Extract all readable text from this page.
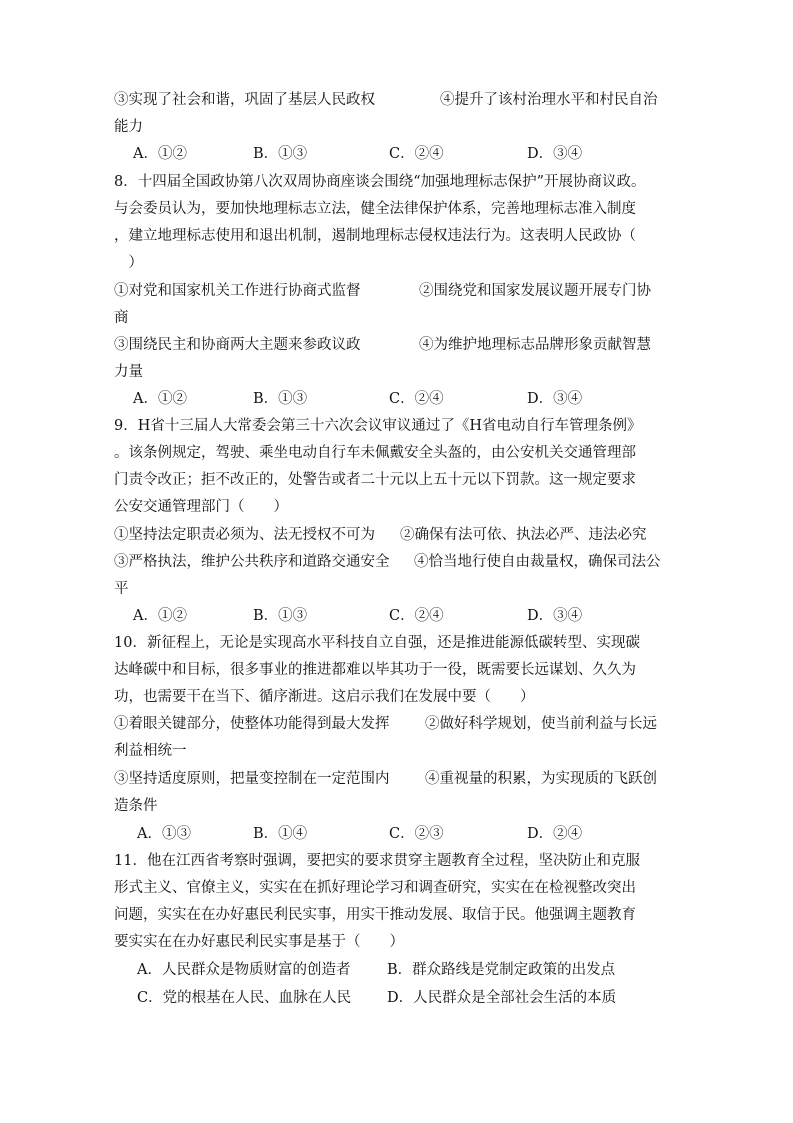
③实现了社会和谐，巩固了基层人民政权	④提升了该村治理水平和村民自治
能力
A．①②	B．①③	C．②④	D．③④
8．十四届全国政协第八次双周协商座谈会围绕“加强地理标志保护”开展协商议政。
与会委员认为，要加快地理标志立法，健全法律保护体系，完善地理标志准入制度
，建立地理标志使用和退出机制，遏制地理标志侵权违法行为。这表明人民政协（
　）
①对党和国家机关工作进行协商式监督	②围绕党和国家发展议题开展专门协
商
③围绕民主和协商两大主题来参政议政	④为维护地理标志品牌形象贡献智慧
力量
A．①②	B．①③	C．②④	D．③④
9．H省十三届人大常委会第三十六次会议审议通过了《H省电动自行车管理条例》
。该条例规定，驾驶、乘坐电动自行车未佩戴安全头盔的，由公安机关交通管理部
门责令改正；拒不改正的，处警告或者二十元以上五十元以下罚款。这一规定要求
公安交通管理部门（　　）
①坚持法定职责必须为、法无授权不可为 ②确保有法可依、执法必严、违法必究
③严格执法，维护公共秩序和道路交通安全 ④恰当地行使自由裁量权，确保司法公
平
A．①②	B．①③	C．②④	D．③④
10．新征程上，无论是实现高水平科技自立自强，还是推进能源低碳转型、实现碳
达峰碳中和目标，很多事业的推进都难以毕其功于一役，既需要长远谋划、久久为
功，也需要干在当下、循序渐进。这启示我们在发展中要（　　）
①着眼关键部分，使整体功能得到最大发挥 ②做好科学规划，使当前利益与长远
利益相统一
③坚持适度原则，把量变控制在一定范围内 ④重视量的积累，为实现质的飞跃创
造条件
A．①③	B．①④	C．②③	D．②④
11．他在江西省考察时强调，要把实的要求贯穿主题教育全过程，坚决防止和克服
形式主义、官僚主义，实实在在抓好理论学习和调查研究，实实在在检视整改突出
问题，实实在在办好惠民利民实事，用实干推动发展、取信于民。他强调主题教育
要实实在在办好惠民利民实事是基于（　　）
A．人民群众是物质财富的创造者	B．群众路线是党制定政策的出发点
C．党的根基在人民、血脉在人民 D．人民群众是全部社会生活的本质
